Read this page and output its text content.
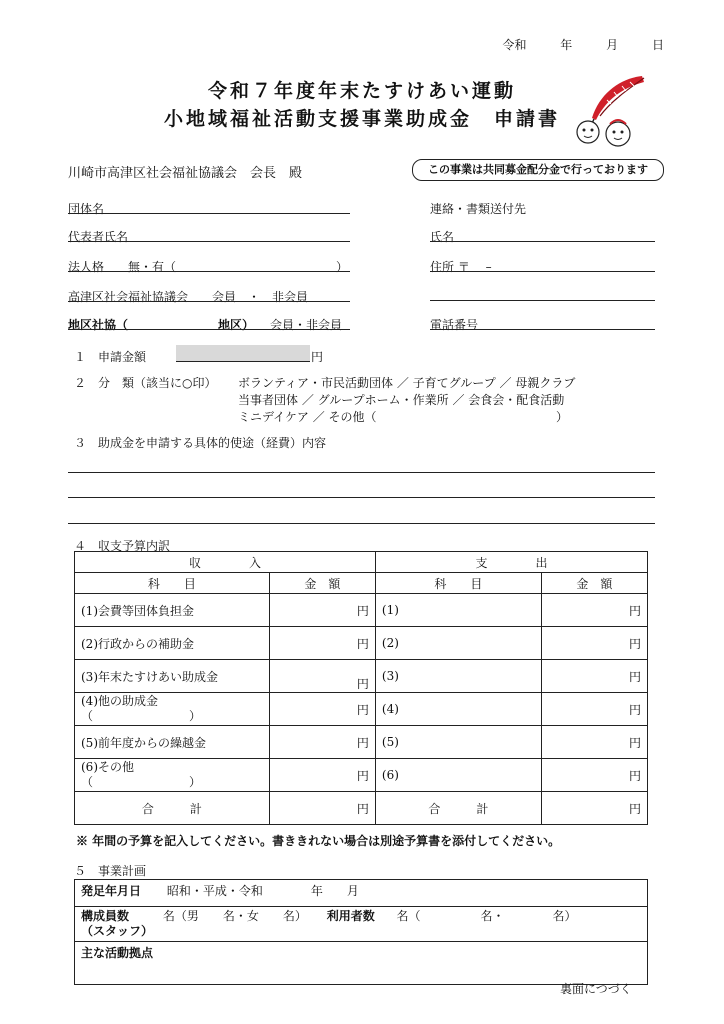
令和	年	月	日
令和７年度年末たすけあい運動
小地域福祉活動支援事業助成金　申請書
川崎市高津区社会福祉協議会　会長　殿	この事業は共同募金配分金で行っております
団体名
代表者氏名
法人格　　無・有（	）
高津区社会福祉協議会　　会員　・　非会員
地区社協（	地区） 会員・非会員
連絡・書類送付先
氏名
住所 〒　 –
電話番号
１　申請金額	円
２　分　類（該当に○印） ボランティア・市民活動団体 ／ 子育てグループ ／ 母親クラブ
当事者団体 ／ グループホーム・作業所 ／ 会食会・配食活動
ミニデイケア ／ その他（	）
３　助成金を申請する具体的使途（経費）内容
４　収支予算内訳
収　　　　入		支　　　　出	
科　　目	金　額	科　　目	金　額
(1)会費等団体負担金	円	(1)	円
(2)行政からの補助金	円	(2)	円
(3)年末たすけあい助成金	円	(3)	円
(4)他の助成金
（　　　　　　　　）	円	(4)	円
(5)前年度からの繰越金	円	(5)	円
(6)その他
（　　　　　　　　）	円	(6)	円
合　　　計	円	合　　　計	円
※ 年間の予算を記入してください。書ききれない場合は別途予算書を添付してください。
５　事業計画
発足年月日 昭和・平成・令和　　　　年　　月
構成員数	名（男　　名・女　　名） 利用者数 名（　　　　　名・　　　　名）
（スタッフ）
主な活動拠点
裏面につづく
